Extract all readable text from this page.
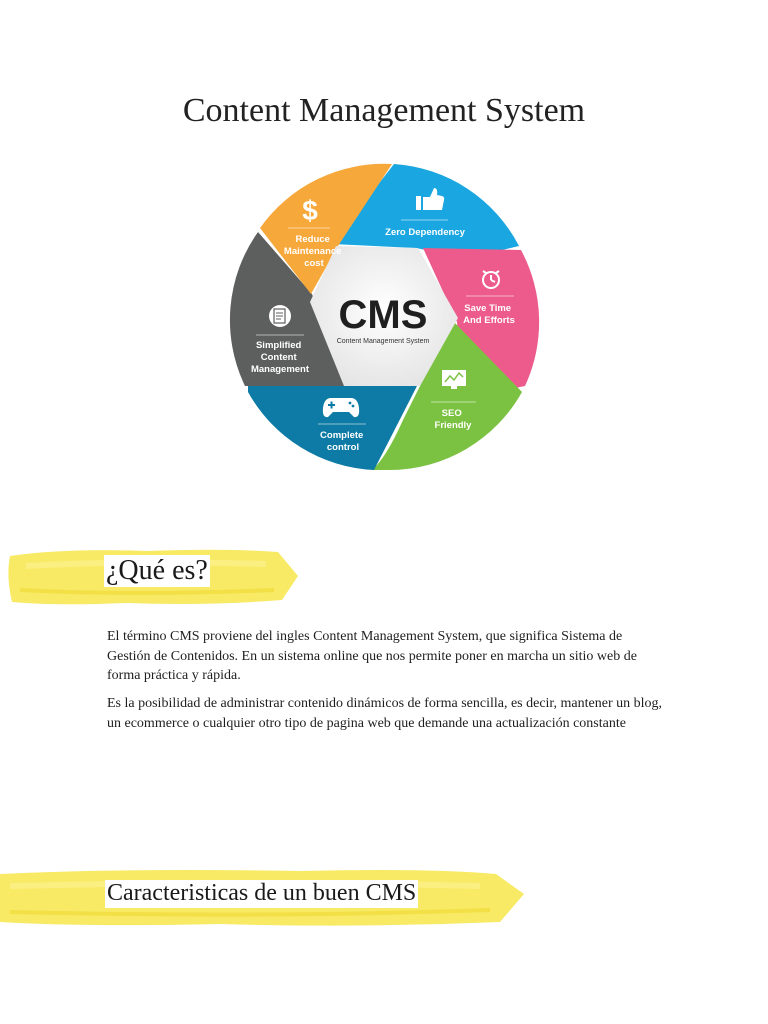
Content Management System
$
Zero Dependency
Save Time And Efforts
SEO Friendly
Complete control
Simplified Content Management
Reduce Maintenance cost
CMS
Content Management System
¿Qué es?

El término CMS proviene del ingles Content Management System, que significa Sistema de Gestión de Contenidos. En un sistema online que nos permite poner en marcha un sitio web de forma práctica y rápida.

Es la posibilidad de administrar contenido dinámicos de forma sencilla, es decir, mantener un blog, un ecommerce o cualquier otro tipo de pagina web que demande una actualización constante

Caracteristicas de un buen CMS
